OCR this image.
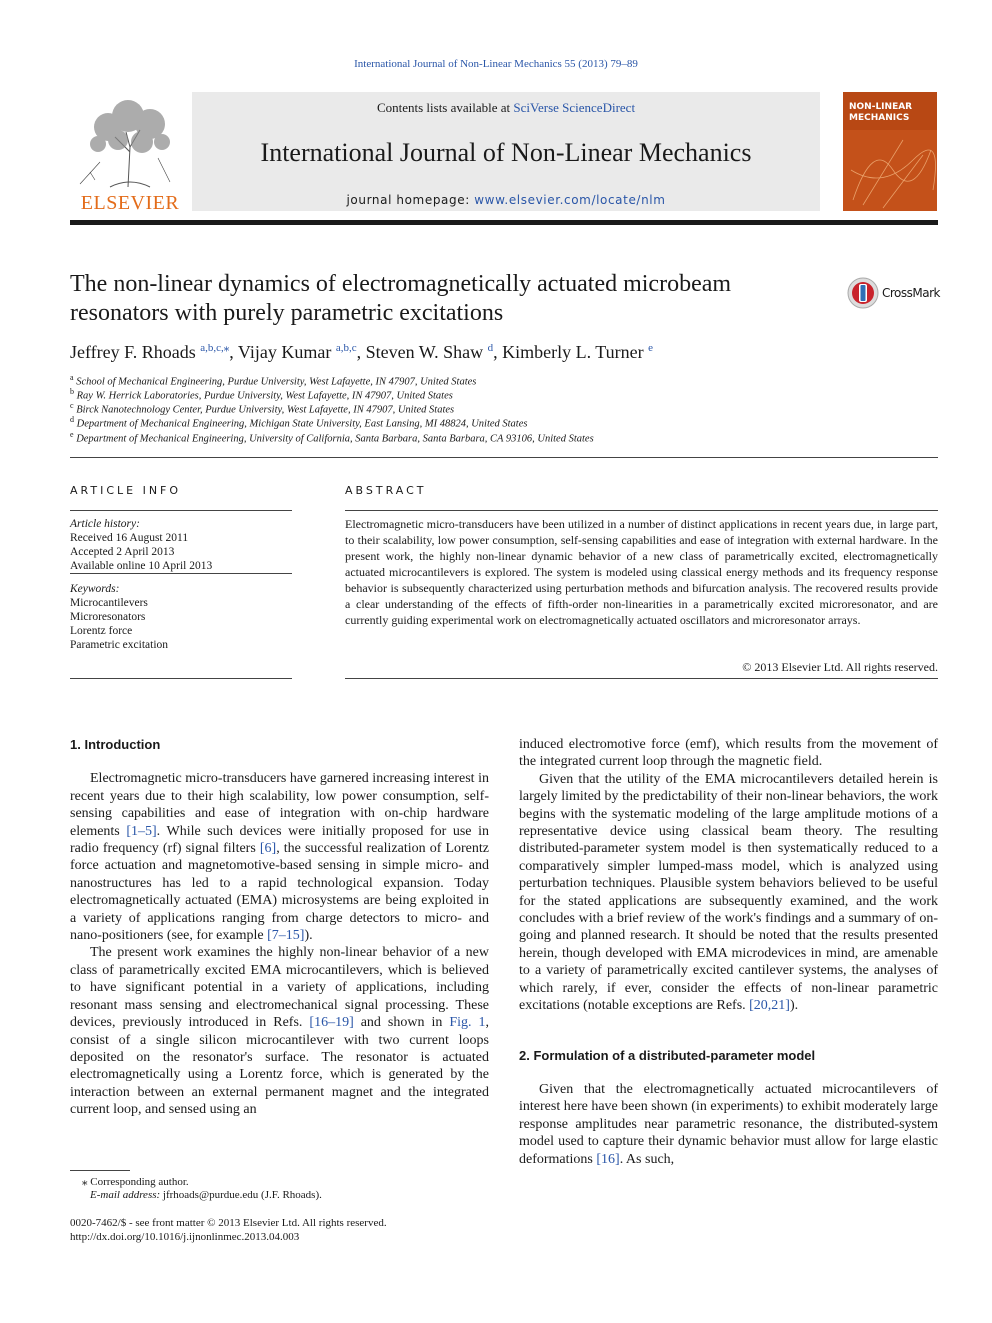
International Journal of Non-Linear Mechanics 55 (2013) 79–89
ELSEVIER
Contents lists available at SciVerse ScienceDirect
International Journal of Non-Linear Mechanics
journal homepage: www.elsevier.com/locate/nlm
NON-LINEAR
MECHANICS
The non-linear dynamics of electromagnetically actuated microbeam
resonators with purely parametric excitations
CrossMark
Jeffrey F. Rhoads $^{a,b,c,⁎}$, Vijay Kumar $^{a,b,c}$, Steven W. Shaw $^d$, Kimberly L. Turner $^e$
$^a$ School of Mechanical Engineering, Purdue University, West Lafayette, IN 47907, United States
$^b$ Ray W. Herrick Laboratories, Purdue University, West Lafayette, IN 47907, United States
$^c$ Birck Nanotechnology Center, Purdue University, West Lafayette, IN 47907, United States
$^d$ Department of Mechanical Engineering, Michigan State University, East Lansing, MI 48824, United States
$^e$ Department of Mechanical Engineering, University of California, Santa Barbara, Santa Barbara, CA 93106, United States
ARTICLE INFO
Article history:
Received 16 August 2011
Accepted 2 April 2013
Available online 10 April 2013
Keywords:
Microcantilevers
Microresonators
Lorentz force
Parametric excitation
ABSTRACT
Electromagnetic micro-transducers have been utilized in a number of distinct applications in recent years due, in large part, to their scalability, low power consumption, self-sensing capabilities and ease of integration with external hardware. In the present work, the highly non-linear dynamic behavior of a new class of parametrically excited, electromagnetically actuated microcantilevers is explored. The system is modeled using classical energy methods and its frequency response behavior is subsequently characterized using perturbation methods and bifurcation analysis. The recovered results provide a clear understanding of the effects of fifth-order non-linearities in a parametrically excited microresonator, and are currently guiding experimental work on electromagnetically actuated oscillators and microresonator arrays.
© 2013 Elsevier Ltd. All rights reserved.
1. Introduction

Electromagnetic micro-transducers have garnered increasing interest in recent years due to their high scalability, low power consumption, self-sensing capabilities and ease of integration with on-chip hardware elements [1–5]. While such devices were initially proposed for use in radio frequency (rf) signal filters [6], the successful realization of Lorentz force actuation and magnetomotive-based sensing in simple micro- and nanostructures has led to a rapid technological expansion. Today electromagnetically actuated (EMA) microsystems are being exploited in a variety of applications ranging from charge detectors to micro- and nano-positioners (see, for example [7–15]).

The present work examines the highly non-linear behavior of a new class of parametrically excited EMA microcantilevers, which is believed to have significant potential in a variety of applications, including resonant mass sensing and electromechanical signal processing. These devices, previously introduced in Refs. [16–19] and shown in Fig. 1, consist of a single silicon microcantilever with two current loops deposited on the resonator's surface. The resonator is actuated electromagnetically using a Lorentz force, which is generated by the interaction between an external permanent magnet and the integrated current loop, and sensed using an

induced electromotive force (emf), which results from the movement of the integrated current loop through the magnetic field.

Given that the utility of the EMA microcantilevers detailed herein is largely limited by the predictability of their non-linear behaviors, the work begins with the systematic modeling of the large amplitude motions of a representative device using classical beam theory. The resulting distributed-parameter system model is then systematically reduced to a comparatively simpler lumped-mass model, which is analyzed using perturbation techniques. Plausible system behaviors believed to be useful for the stated applications are subsequently examined, and the work concludes with a brief review of the work's findings and a summary of on-going and planned research. It should be noted that the results presented herein, though developed with EMA microdevices in mind, are amenable to a variety of parametrically excited cantilever systems, the analyses of which rarely, if ever, consider the effects of non-linear parametric excitations (notable exceptions are Refs. [20,21]).

2. Formulation of a distributed-parameter model

Given that the electromagnetically actuated microcantilevers of interest here have been shown (in experiments) to exhibit moderately large response amplitudes near parametric resonance, the distributed-system model used to capture their dynamic behavior must allow for large elastic deformations [16]. As such,

⁎ Corresponding author.
E-mail address: jfrhoads@purdue.edu (J.F. Rhoads).
0020-7462/$ - see front matter © 2013 Elsevier Ltd. All rights reserved.
http://dx.doi.org/10.1016/j.ijnonlinmec.2013.04.003
